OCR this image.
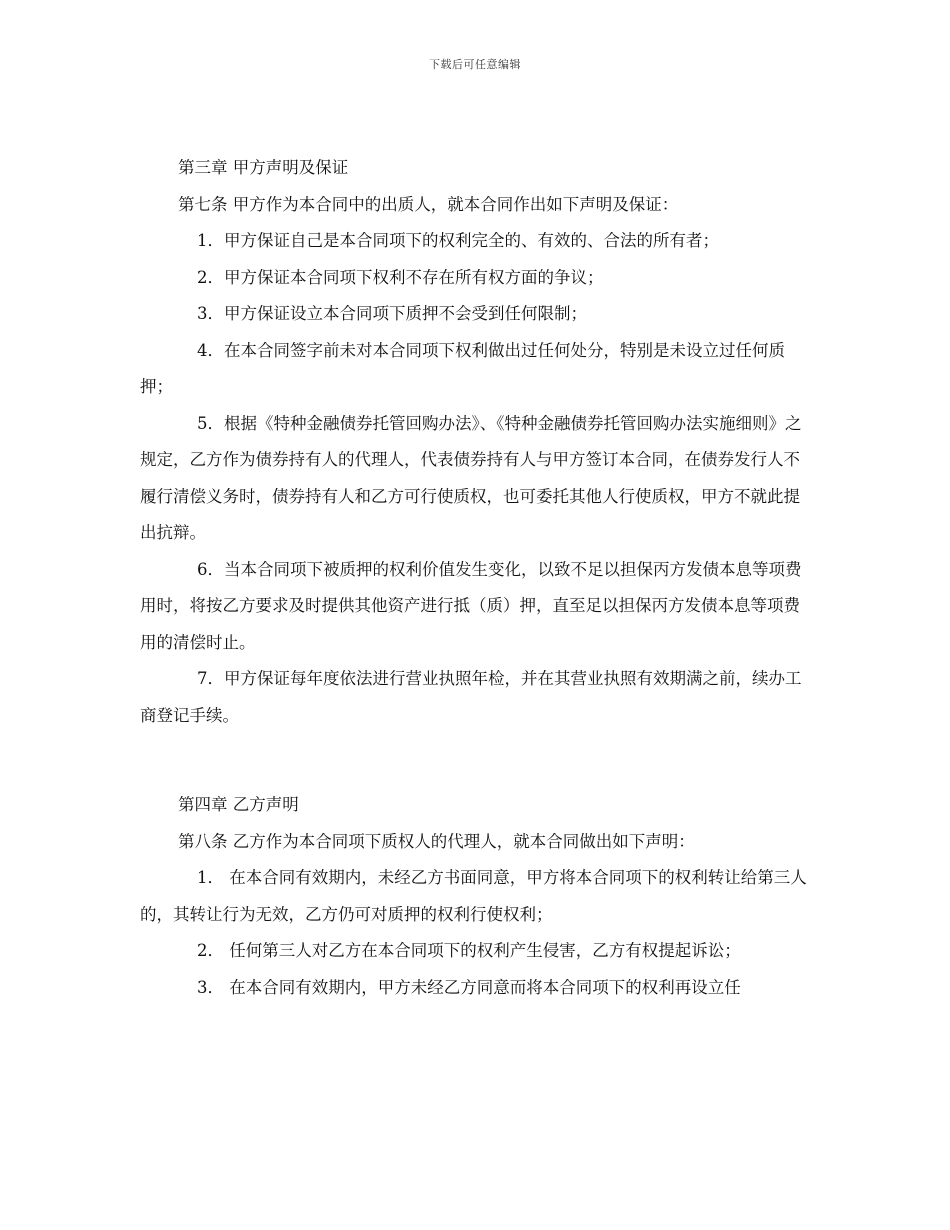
下载后可任意编辑

第三章 甲方声明及保证

第七条 甲方作为本合同中的出质人，就本合同作出如下声明及保证：

1．甲方保证自己是本合同项下的权利完全的、有效的、合法的所有者；

2．甲方保证本合同项下权利不存在所有权方面的争议；

3．甲方保证设立本合同项下质押不会受到任何限制；

4．在本合同签字前未对本合同项下权利做出过任何处分，特别是未设立过任何质押；

5．根据《特种金融债券托管回购办法》、《特种金融债券托管回购办法实施细则》之规定，乙方作为债券持有人的代理人，代表债券持有人与甲方签订本合同，在债券发行人不履行清偿义务时，债券持有人和乙方可行使质权，也可委托其他人行使质权，甲方不就此提出抗辩。

6．当本合同项下被质押的权利价值发生变化，以致不足以担保丙方发债本息等项费用时，将按乙方要求及时提供其他资产进行抵（质）押，直至足以担保丙方发债本息等项费用的清偿时止。

7．甲方保证每年度依法进行营业执照年检，并在其营业执照有效期满之前，续办工商登记手续。

第四章 乙方声明

第八条 乙方作为本合同项下质权人的代理人，就本合同做出如下声明：

1． 在本合同有效期内，未经乙方书面同意，甲方将本合同项下的权利转让给第三人的，其转让行为无效，乙方仍可对质押的权利行使权利；

2． 任何第三人对乙方在本合同项下的权利产生侵害，乙方有权提起诉讼；

3． 在本合同有效期内，甲方未经乙方同意而将本合同项下的权利再设立任
